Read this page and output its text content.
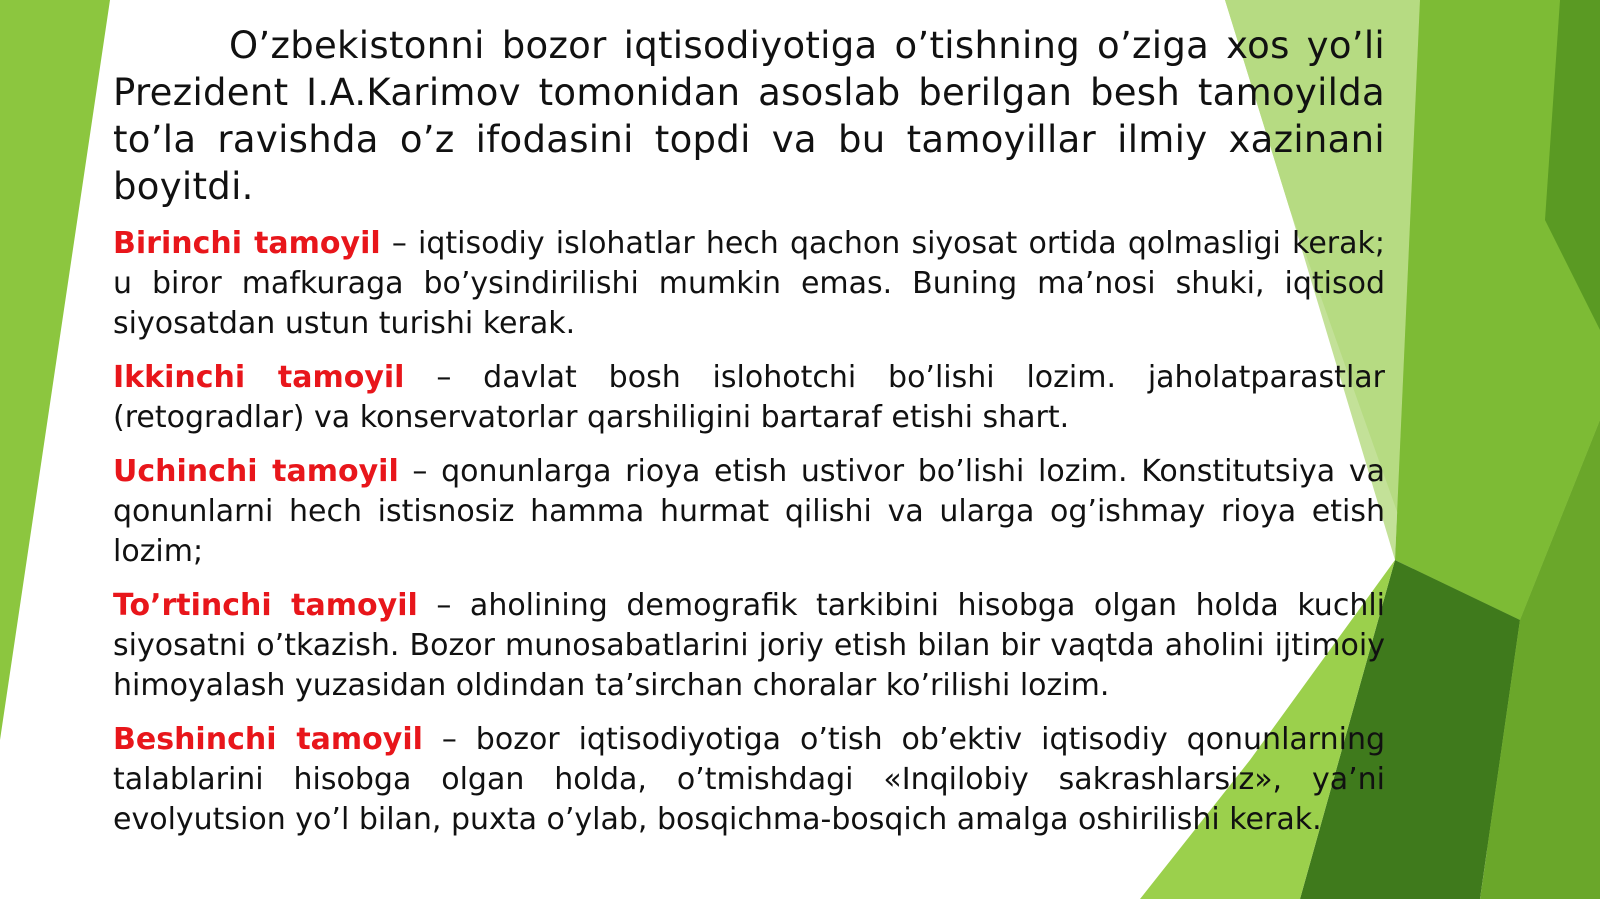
O’zbekistonni bozor iqtisodiyotiga o’tishning o’ziga xos yo’li Prezident I.A.Karimov tomonidan asoslab berilgan besh tamoyilda to’la ravishda o’z ifodasini topdi va bu tamoyillar ilmiy xazinani boyitdi.

Birinchi tamoyil – iqtisodiy islohatlar hech qachon siyosat ortida qolmasligi kerak; u biror mafkuraga bo’ysindirilishi mumkin emas. Buning ma’nosi shuki, iqtisod siyosatdan ustun turishi kerak.

Ikkinchi tamoyil – davlat bosh islohotchi bo’lishi lozim. jaholatparastlar (retogradlar) va konservatorlar qarshiligini bartaraf etishi shart.

Uchinchi tamoyil – qonunlarga rioya etish ustivor bo’lishi lozim. Konstitutsiya va qonunlarni hech istisnosiz hamma hurmat qilishi va ularga og’ishmay rioya etish lozim;

To’rtinchi tamoyil – aholining demografik tarkibini hisobga olgan holda kuchli siyosatni o’tkazish. Bozor munosabatlarini joriy etish bilan bir vaqtda aholini ijtimoiy himoyalash yuzasidan oldindan ta’sirchan choralar ko’rilishi lozim.

Beshinchi tamoyil – bozor iqtisodiyotiga o’tish ob’ektiv iqtisodiy qonunlarning talablarini hisobga olgan holda, o’tmishdagi «Inqilobiy sakrashlarsiz», ya’ni evolyutsion yo’l bilan, puxta o’ylab, bosqichma-bosqich amalga oshirilishi kerak.
